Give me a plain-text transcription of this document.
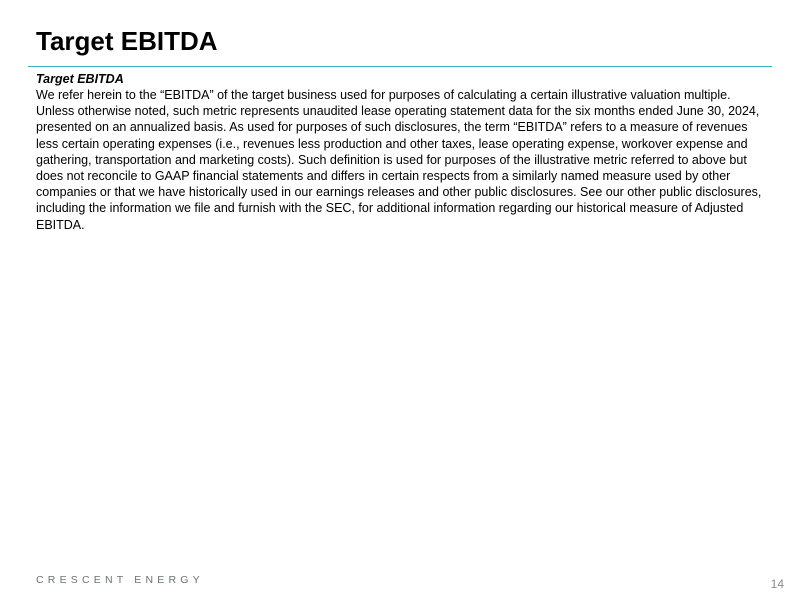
Target EBITDA

Target EBITDA

We refer herein to the “EBITDA” of the target business used for purposes of calculating a certain illustrative valuation multiple. Unless otherwise noted, such metric represents unaudited lease operating statement data for the six months ended June 30, 2024, presented on an annualized basis. As used for purposes of such disclosures, the term “EBITDA” refers to a measure of revenues less certain operating expenses (i.e., revenues less production and other taxes, lease operating expense, workover expense and gathering, transportation and marketing costs). Such definition is used for purposes of the illustrative metric referred to above but does not reconcile to GAAP financial statements and differs in certain respects from a similarly named measure used by other companies or that we have historically used in our earnings releases and other public disclosures. See our other public disclosures, including the information we file and furnish with the SEC, for additional information regarding our historical measure of Adjusted EBITDA.

CRESCENT ENERGY	14
